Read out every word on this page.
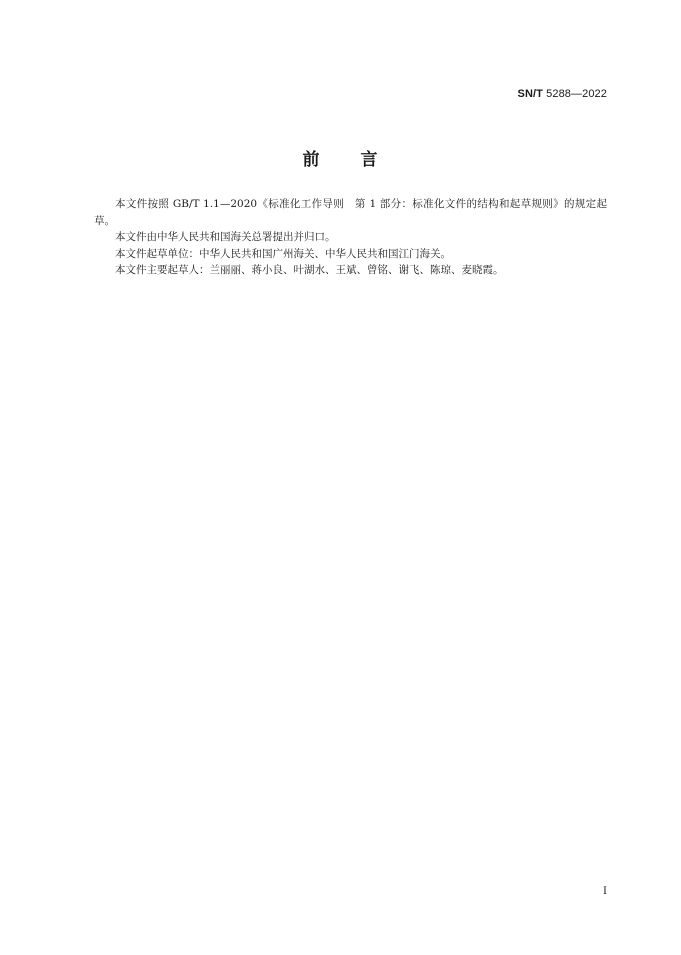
SN/T 5288—2022
前 言

本文件按照 GB/T 1.1—2020《标准化工作导则　第 1 部分：标准化文件的结构和起草规则》的规定起草。

本文件由中华人民共和国海关总署提出并归口。

本文件起草单位：中华人民共和国广州海关、中华人民共和国江门海关。

本文件主要起草人：兰丽丽、蒋小良、叶湖水、王斌、曾铭、谢飞、陈琼、麦晓霞。

I
